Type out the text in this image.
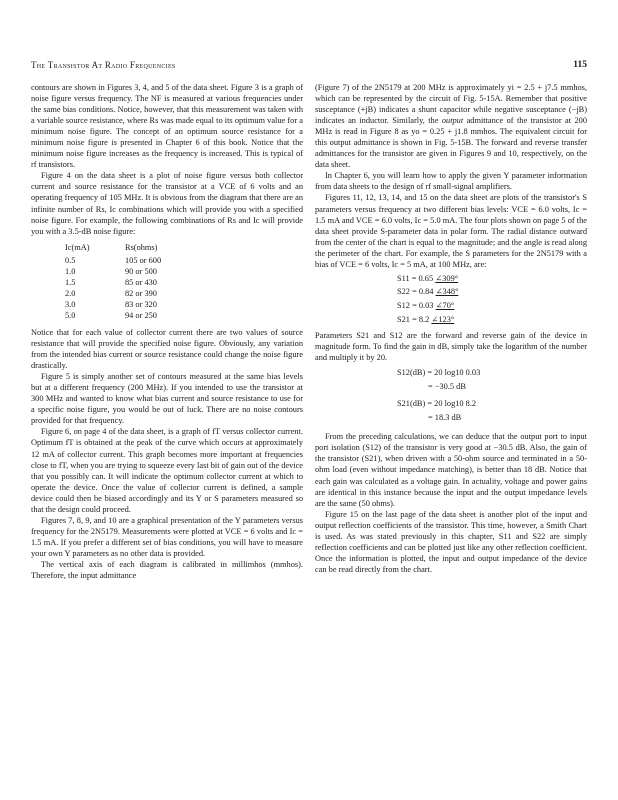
The Transistor At Radio Frequencies	115

contours are shown in Figures 3, 4, and 5 of the data sheet. Figure 3 is a graph of noise figure versus frequency. The NF is measured at various frequencies under the same bias conditions. Notice, however, that this measurement was taken with a variable source resistance, where Rs was made equal to its optimum value for a minimum noise figure. The concept of an optimum source resistance for a minimum noise figure is presented in Chapter 6 of this book. Notice that the minimum noise figure increases as the frequency is increased. This is typical of rf transistors.

Figure 4 on the data sheet is a plot of noise figure versus both collector current and source resistance for the transistor at a VCE of 6 volts and an operating frequency of 105 MHz. It is obvious from the diagram that there are an infinite number of Rs, Ic combinations which will provide you with a specified noise figure. For example, the following combinations of Rs and Ic will provide you with a 3.5-dB noise figure:

Ic(mA)	Rs(ohms)
0.5	105 or 600
1.0	90 or 500
1.5	85 or 430
2.0	82 or 390
3.0	83 or 320
5.0	94 or 250

Notice that for each value of collector current there are two values of source resistance that will provide the specified noise figure. Obviously, any variation from the intended bias current or source resistance could change the noise figure drastically.

Figure 5 is simply another set of contours measured at the same bias levels but at a different frequency (200 MHz). If you intended to use the transistor at 300 MHz and wanted to know what bias current and source resistance to use for a specific noise figure, you would be out of luck. There are no noise contours provided for that frequency.

Figure 6, on page 4 of the data sheet, is a graph of fT versus collector current. Optimum fT is obtained at the peak of the curve which occurs at approximately 12 mA of collector current. This graph becomes more important at frequencies close to fT, when you are trying to squeeze every last bit of gain out of the device that you possibly can. It will indicate the optimum collector current at which to operate the device. Once the value of collector current is defined, a sample device could then be biased accordingly and its Y or S parameters measured so that the design could proceed.

Figures 7, 8, 9, and 10 are a graphical presentation of the Y parameters versus frequency for the 2N5179. Measurements were plotted at VCE = 6 volts and Ic = 1.5 mA. If you prefer a different set of bias conditions, you will have to measure your own Y parameters as no other data is provided.

The vertical axis of each diagram is calibrated in millimhos (mmhos). Therefore, the input admittance

(Figure 7) of the 2N5179 at 200 MHz is approximately yi = 2.5 + j7.5 mmhos, which can be represented by the circuit of Fig. 5-15A. Remember that positive susceptance (+jB) indicates a shunt capacitor while negative susceptance (−jB) indicates an inductor. Similarly, the output admittance of the transistor at 200 MHz is read in Figure 8 as yo = 0.25 + j1.8 mmhos. The equivalent circuit for this output admittance is shown in Fig. 5-15B. The forward and reverse transfer admittances for the transistor are given in Figures 9 and 10, respectively, on the data sheet.

In Chapter 6, you will learn how to apply the given Y parameter information from data sheets to the design of rf small-signal amplifiers.

Figures 11, 12, 13, 14, and 15 on the data sheet are plots of the transistor's S parameters versus frequency at two different bias levels: VCE = 6.0 volts, Ic = 1.5 mA and VCE = 6.0 volts, Ic = 5.0 mA. The four plots shown on page 5 of the data sheet provide S-parameter data in polar form. The radial distance outward from the center of the chart is equal to the magnitude; and the angle is read along the perimeter of the chart. For example, the S parameters for the 2N5179 with a bias of VCE = 6 volts, Ic = 5 mA, at 100 MHz, are:

S11 = 0.65 ∠309°
S22 = 0.84 ∠348°
S12 = 0.03 ∠70°
S21 = 8.2 ∠123°

Parameters S21 and S12 are the forward and reverse gain of the device in magnitude form. To find the gain in dB, simply take the logarithm of the number and multiply it by 20.

S12(dB) = 20 log10 0.03
= −30.5 dB
S21(dB) = 20 log10 8.2
= 18.3 dB

From the preceding calculations, we can deduce that the output port to input port isolation (S12) of the transistor is very good at −30.5 dB. Also, the gain of the transistor (S21), when driven with a 50-ohm source and terminated in a 50-ohm load (even without impedance matching), is better than 18 dB. Notice that each gain was calculated as a voltage gain. In actuality, voltage and power gains are identical in this instance because the input and the output impedance levels are the same (50 ohms).

Figure 15 on the last page of the data sheet is another plot of the input and output reflection coefficients of the transistor. This time, however, a Smith Chart is used. As was stated previously in this chapter, S11 and S22 are simply reflection coefficients and can be plotted just like any other reflection coefficient. Once the information is plotted, the input and output impedance of the device can be read directly from the chart.
